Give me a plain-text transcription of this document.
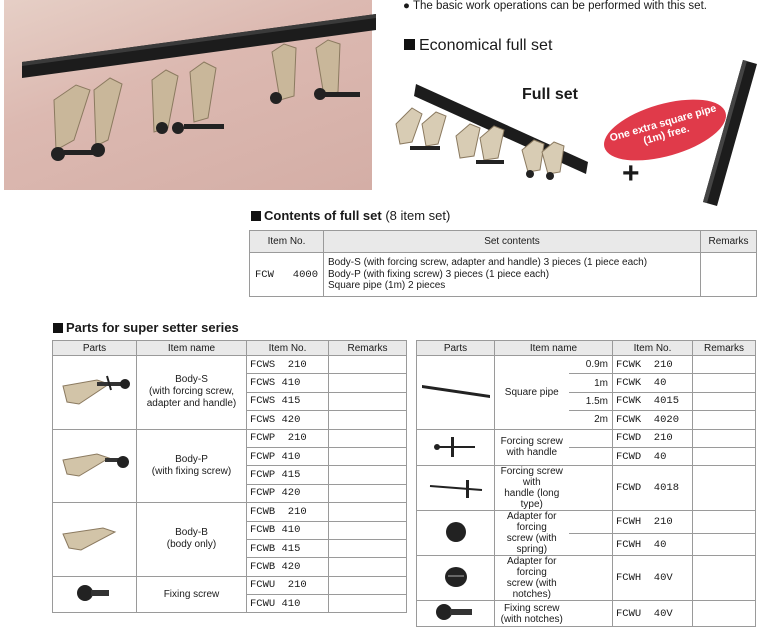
● The basic work operations can be performed with this set.
Economical full set
Full set
One extra square pipe (1m) free.
+
Contents of full set (8 item set)
Item No.	Set contents	Remarks
FCW   4000	Body-S (with forcing screw, adapter and handle) 3 pieces (1 piece each)
Body-P (with fixing screw) 3 pieces (1 piece each)
Square pipe (1m) 2 pieces	

Parts for super setter series
Parts	Item name	Item No.	Remarks

Body-S
(with forcing screw,
adapter and handle)	FCWS  210	
		FCWS 410	
		FCWS 415	
		FCWS 420	

Body-P
(with fixing screw)	FCWP  210	
		FCWP 410	
		FCWP 415	
		FCWP 420	

Body-B
(body only)	FCWB  210	
		FCWB 410	
		FCWB 415	
		FCWB 420	

Fixing screw	FCWU  210	
		FCWU 410	
Parts	Item name		Item No.	Remarks

Square pipe	0.9m	FCWK  210	
		1m	FCWK  40	
		1.5m	FCWK  4015	
		2m	FCWK  4020	

Forcing screw
with handle		FCWD  210	
			FCWD  40	

Forcing screw with
handle (long type)		FCWD  4018	

Adapter for forcing
screw (with spring)		FCWH  210	
			FCWH  40	

Adapter for forcing
screw (with notches)		FCWH  40V	

Fixing screw
(with notches)		FCWU  40V	
